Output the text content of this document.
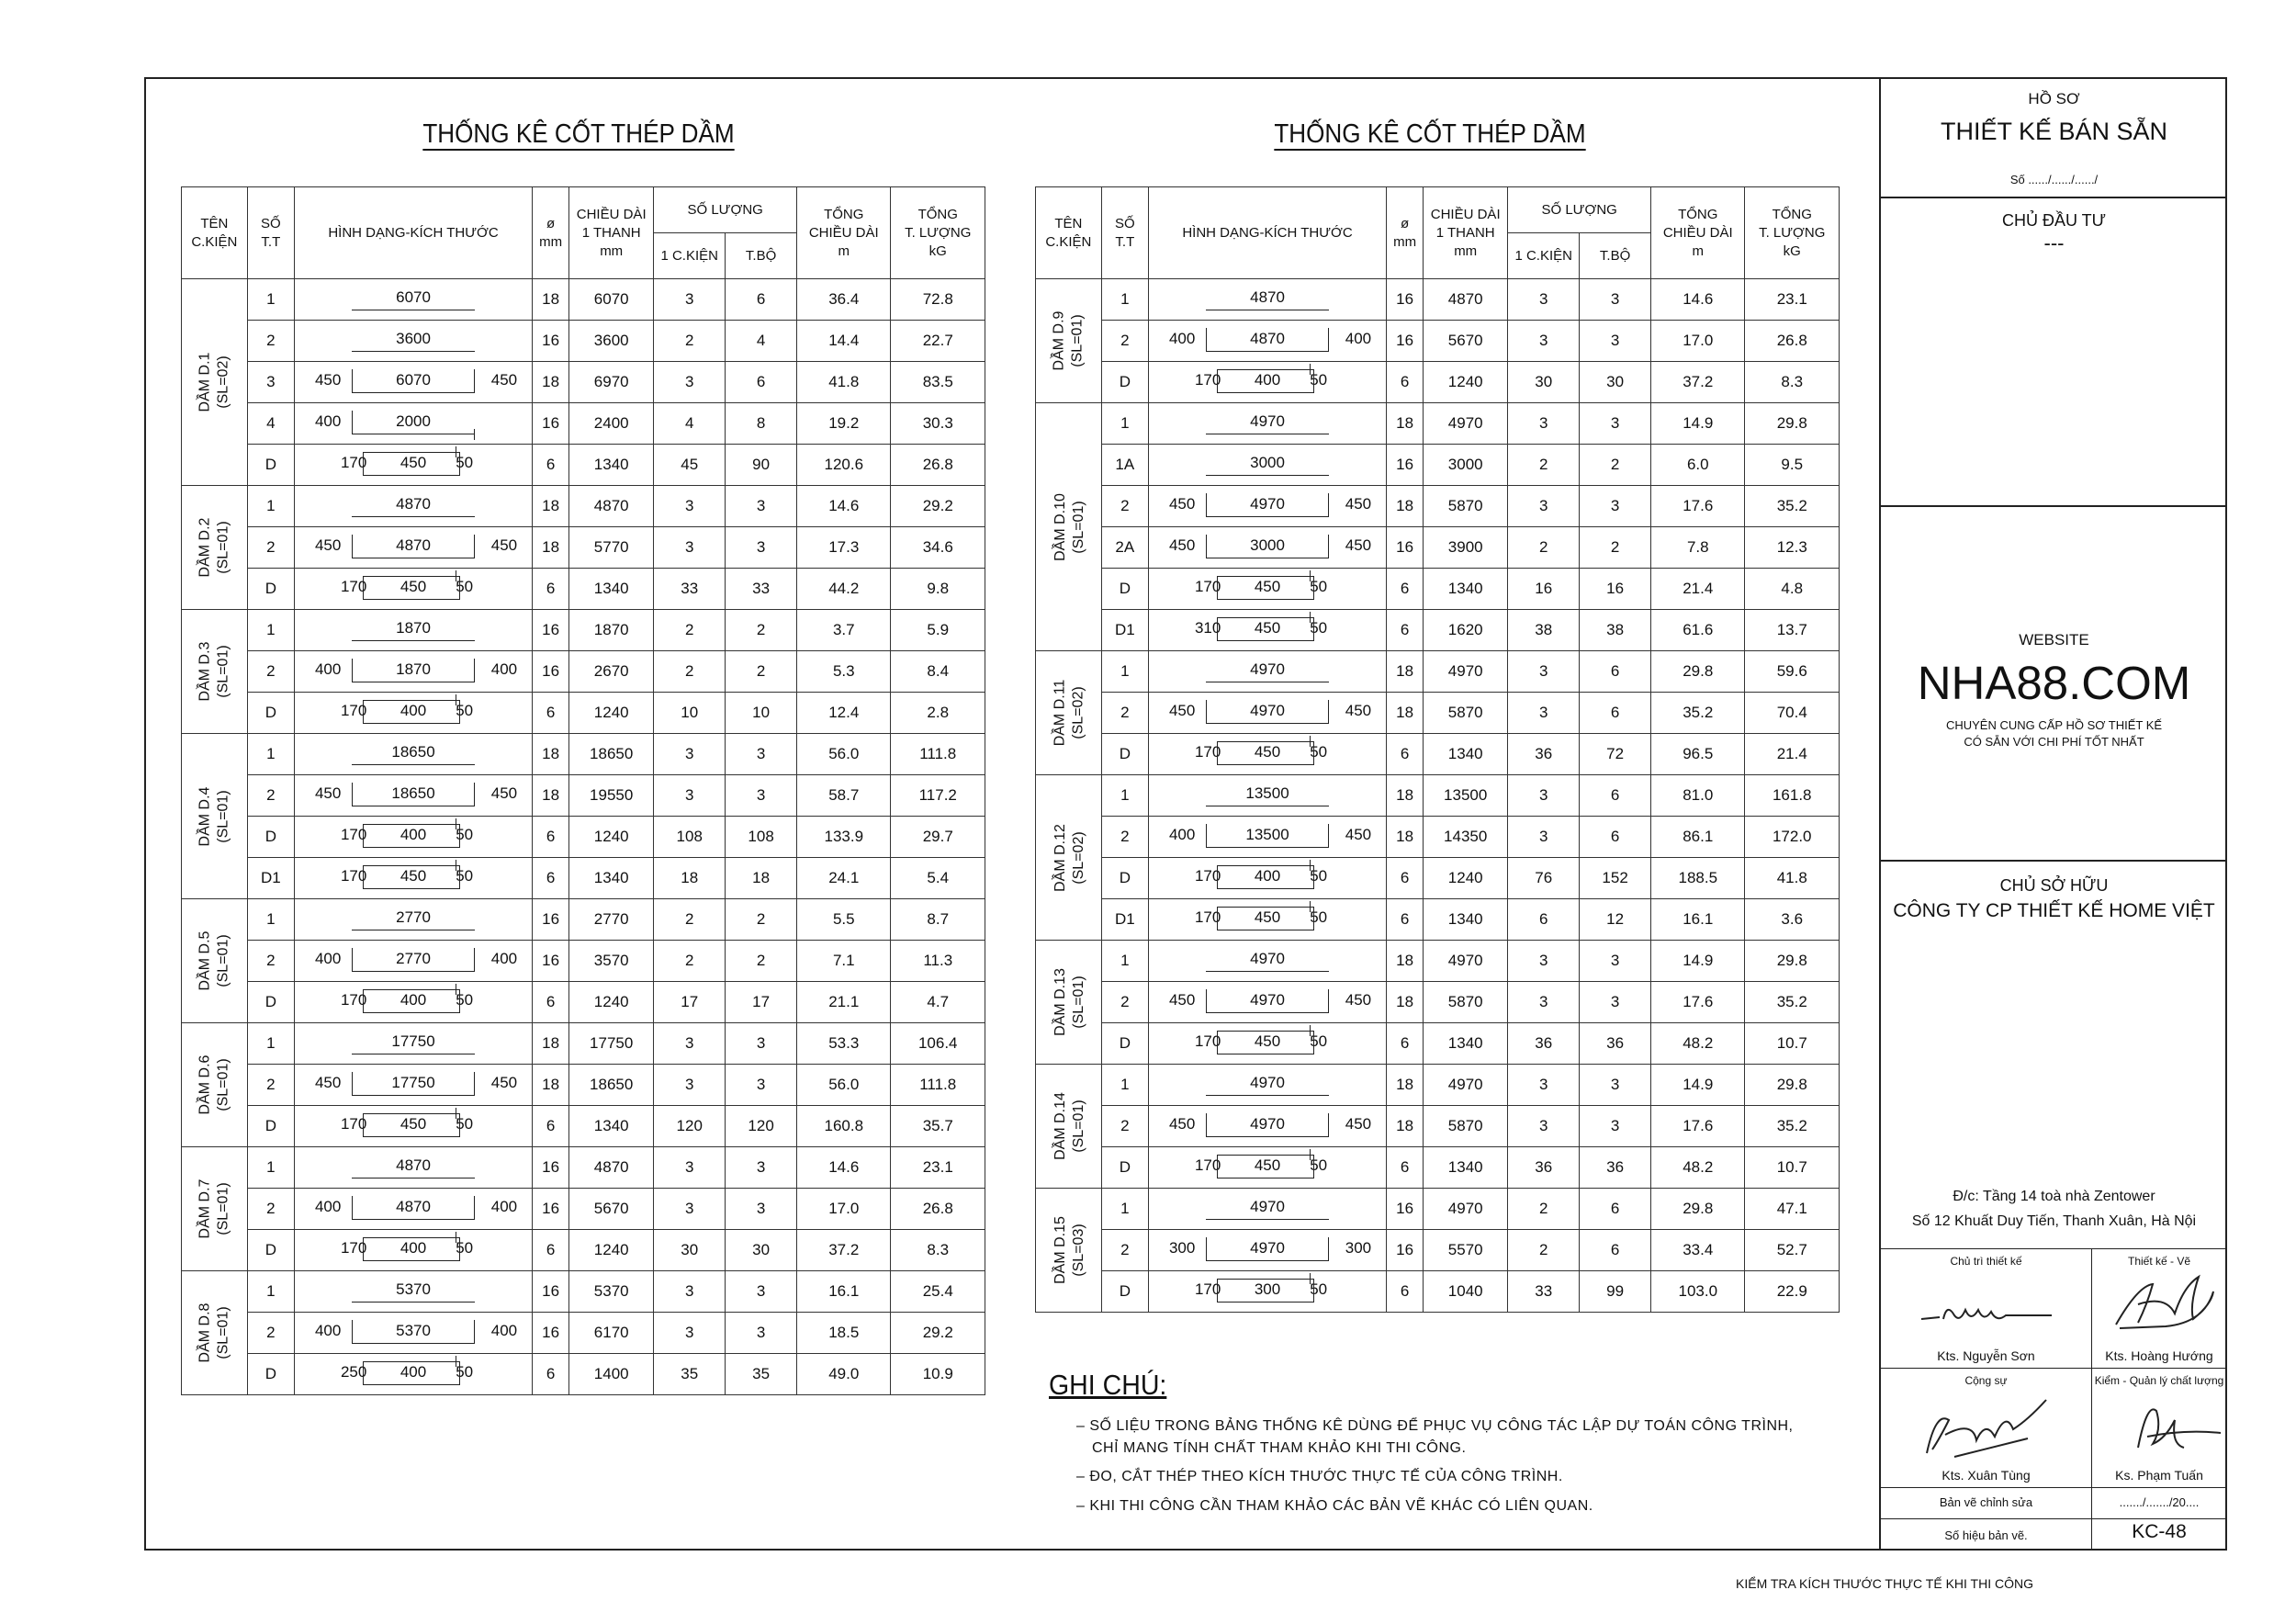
THỐNG KÊ CỐT THÉP DẦM	THỐNG KÊ CỐT THÉP DẦM
TÊN
C.KIỆN	SỐ
T.T	HÌNH DẠNG-KÍCH THƯỚC	ø
mm	CHIỀU DÀI
1 THANH
mm	SỐ LƯỢNG		TỔNG
CHIỀU DÀI
m	TỔNG
T. LƯỢNG
kG
					1 C.KIỆN	T.BỘ		
DẦM D.1 (SL=02)	1	6070	18	6070	3	6	36.4	72.8
	2	3600	16	3600	2	4	14.4	22.7
	3	450 6070 450	18	6970	3	6	41.8	83.5
	4	400 2000	16	2400	4	8	19.2	30.3
	D	170 450 50	6	1340	45	90	120.6	26.8
DẦM D.2 (SL=01)	1	4870	18	4870	3	3	14.6	29.2
	2	450 4870 450	18	5770	3	3	17.3	34.6
	D	170 450 50	6	1340	33	33	44.2	9.8
DẦM D.3 (SL=01)	1	1870	16	1870	2	2	3.7	5.9
	2	400 1870 400	16	2670	2	2	5.3	8.4
	D	170 400 50	6	1240	10	10	12.4	2.8
DẦM D.4 (SL=01)	1	18650	18	18650	3	3	56.0	111.8
	2	450 18650 450	18	19550	3	3	58.7	117.2
	D	170 400 50	6	1240	108	108	133.9	29.7
	D1	170 450 50	6	1340	18	18	24.1	5.4
DẦM D.5 (SL=01)	1	2770	16	2770	2	2	5.5	8.7
	2	400 2770 400	16	3570	2	2	7.1	11.3
	D	170 400 50	6	1240	17	17	21.1	4.7
DẦM D.6 (SL=01)	1	17750	18	17750	3	3	53.3	106.4
	2	450 17750 450	18	18650	3	3	56.0	111.8
	D	170 450 50	6	1340	120	120	160.8	35.7
DẦM D.7 (SL=01)	1	4870	16	4870	3	3	14.6	23.1
	2	400 4870 400	16	5670	3	3	17.0	26.8
	D	170 400 50	6	1240	30	30	37.2	8.3
DẦM D.8 (SL=01)	1	5370	16	5370	3	3	16.1	25.4
	2	400 5370 400	16	6170	3	3	18.5	29.2
	D	250 400 50	6	1400	35	35	49.0	10.9
TÊN
C.KIỆN	SỐ
T.T	HÌNH DẠNG-KÍCH THƯỚC	ø
mm	CHIỀU DÀI
1 THANH
mm	SỐ LƯỢNG		TỔNG
CHIỀU DÀI
m	TỔNG
T. LƯỢNG
kG
					1 C.KIỆN	T.BỘ		
DẦM D.9 (SL=01)	1	4870	16	4870	3	3	14.6	23.1
	2	400 4870 400	16	5670	3	3	17.0	26.8
	D	170 400 50	6	1240	30	30	37.2	8.3
DẦM D.10 (SL=01)	1	4970	18	4970	3	3	14.9	29.8
	1A	3000	16	3000	2	2	6.0	9.5
	2	450 4970 450	18	5870	3	3	17.6	35.2
	2A	450 3000 450	16	3900	2	2	7.8	12.3
	D	170 450 50	6	1340	16	16	21.4	4.8
	D1	310 450 50	6	1620	38	38	61.6	13.7
DẦM D.11 (SL=02)	1	4970	18	4970	3	6	29.8	59.6
	2	450 4970 450	18	5870	3	6	35.2	70.4
	D	170 450 50	6	1340	36	72	96.5	21.4
DẦM D.12 (SL=02)	1	13500	18	13500	3	6	81.0	161.8
	2	400 13500 450	18	14350	3	6	86.1	172.0
	D	170 400 50	6	1240	76	152	188.5	41.8
	D1	170 450 50	6	1340	6	12	16.1	3.6
DẦM D.13 (SL=01)	1	4970	18	4970	3	3	14.9	29.8
	2	450 4970 450	18	5870	3	3	17.6	35.2
	D	170 450 50	6	1340	36	36	48.2	10.7
DẦM D.14 (SL=01)	1	4970	18	4970	3	3	14.9	29.8
	2	450 4970 450	18	5870	3	3	17.6	35.2
	D	170 450 50	6	1340	36	36	48.2	10.7
DẦM D.15 (SL=03)	1	4970	16	4970	2	6	29.8	47.1
	2	300 4970 300	16	5570	2	6	33.4	52.7
	D	170 300 50	6	1040	33	99	103.0	22.9
GHI CHÚ:
– SỐ LIỆU TRONG BẢNG THỐNG KÊ DÙNG ĐỂ PHỤC VỤ CÔNG TÁC LẬP DỰ TOÁN CÔNG TRÌNH,
CHỈ MANG TÍNH CHẤT THAM KHẢO KHI THI CÔNG.
– ĐO, CẮT THÉP THEO KÍCH THƯỚC THỰC TẾ CỦA CÔNG TRÌNH.
– KHI THI CÔNG CẦN THAM KHẢO CÁC BẢN VẼ KHÁC CÓ LIÊN QUAN.
HỒ SƠ
THIẾT KẾ BÁN SẴN
Số ....../....../....../
CHỦ ĐẦU TƯ
---
WEBSITE
NHA88.COM
CHUYÊN CUNG CẤP HỒ SƠ THIẾT KẾ
CÓ SẴN VỚI CHI PHÍ TỐT NHẤT
CHỦ SỞ HỮU
CÔNG TY CP THIẾT KẾ HOME VIỆT
Đ/c: Tầng 14 toà nhà Zentower
Số 12 Khuất Duy Tiến, Thanh Xuân, Hà Nội
Chủ trì thiết kế	Thiết kế - Vẽ
Kts. Nguyễn Sơn	Kts. Hoàng Hướng
Cộng sự	Kiểm - Quản lý chất lượng
Kts. Xuân Tùng	Ks. Phạm Tuấn
Bản vẽ chỉnh sửa	......./......./20....
Số hiệu bản vẽ.	KC-48
KIỂM TRA KÍCH THƯỚC THỰC TẾ KHI THI CÔNG
